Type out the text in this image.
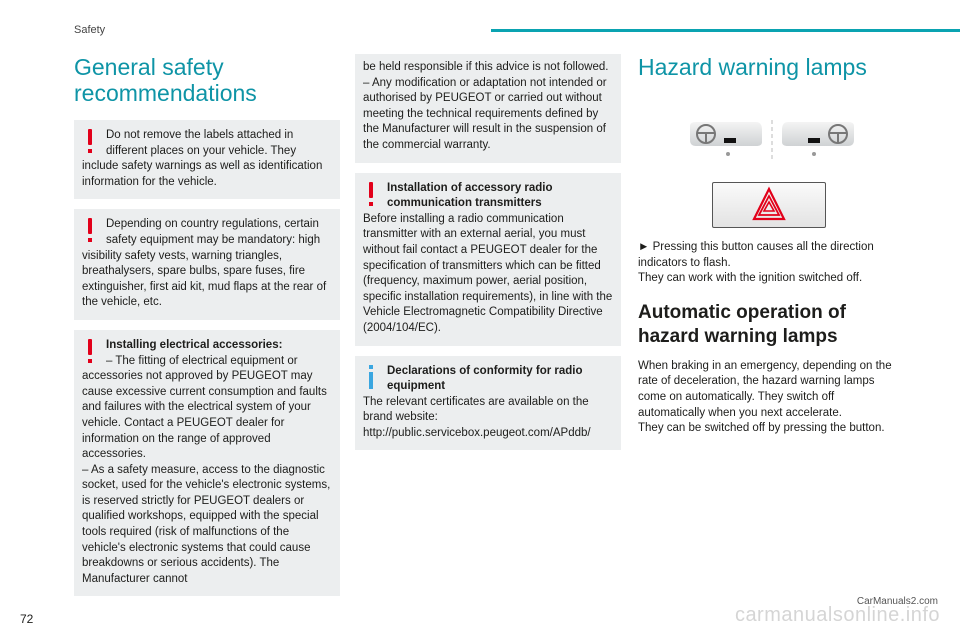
Safety
General safety recommendations

Do not remove the labels attached in different places on your vehicle. They include safety warnings as well as identification information for the vehicle.

Depending on country regulations, certain safety equipment may be mandatory: high visibility safety vests, warning triangles, breathalysers, spare bulbs, spare fuses, fire extinguisher, first aid kit, mud flaps at the rear of the vehicle, etc.

Installing electrical accessories:

– The fitting of electrical equipment or accessories not approved by PEUGEOT may cause excessive current consumption and faults and failures with the electrical system of your vehicle. Contact a PEUGEOT dealer for information on the range of approved accessories.

– As a safety measure, access to the diagnostic socket, used for the vehicle's electronic systems, is reserved strictly for PEUGEOT dealers or qualified workshops, equipped with the special tools required (risk of malfunctions of the vehicle's electronic systems that could cause breakdowns or serious accidents). The Manufacturer cannot

be held responsible if this advice is not followed.

– Any modification or adaptation not intended or authorised by PEUGEOT or carried out without meeting the technical requirements defined by the Manufacturer will result in the suspension of the commercial warranty.

Installation of accessory radio communication transmitters

Before installing a radio communication transmitter with an external aerial, you must without fail contact a PEUGEOT dealer for the specification of transmitters which can be fitted (frequency, maximum power, aerial position, specific installation requirements), in line with the Vehicle Electromagnetic Compatibility Directive (2004/104/EC).

Declarations of conformity for radio equipment

The relevant certificates are available on the brand website:

http://public.servicebox.peugeot.com/APddb/

Hazard warning lamps

► Pressing this button causes all the direction indicators to flash.

They can work with the ignition switched off.

Automatic operation of hazard warning lamps

When braking in an emergency, depending on the rate of deceleration, the hazard warning lamps come on automatically. They switch off automatically when you next accelerate.

They can be switched off by pressing the button.

72	carmanualsonline.info
CarManuals2.com
